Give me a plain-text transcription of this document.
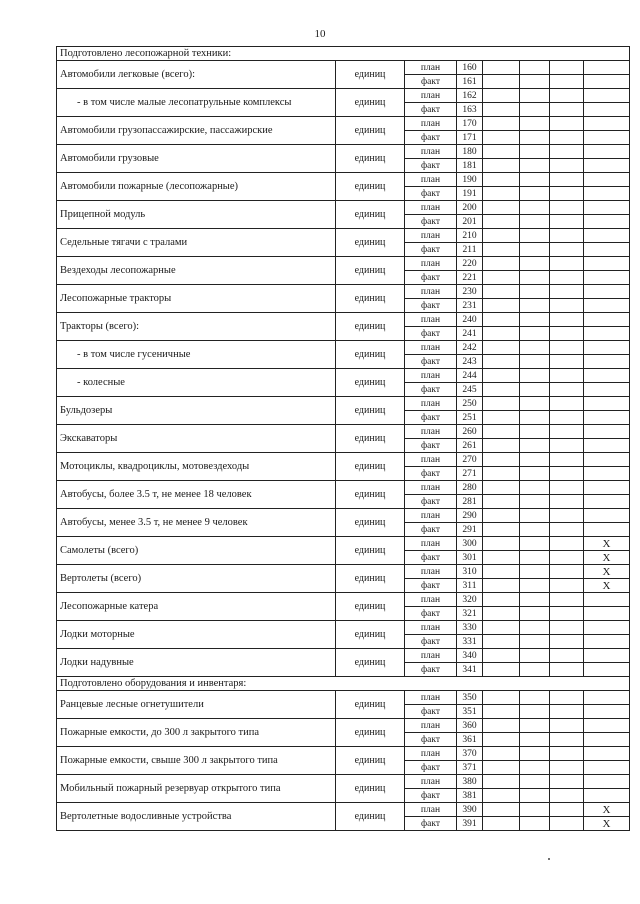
10
Подготовлено лесопожарной техники:							
Автомобили легковые (всего):	единиц	план	160				
		факт	161				
- в том числе малые лесопатрульные комплексы	единиц	план	162				
		факт	163				
Автомобили грузопассажирские, пассажирские	единиц	план	170				
		факт	171				
Автомобили грузовые	единиц	план	180				
		факт	181				
Автомобили пожарные (лесопожарные)	единиц	план	190				
		факт	191				
Прицепной модуль	единиц	план	200				
		факт	201				
Седельные тягачи с тралами	единиц	план	210				
		факт	211				
Вездеходы лесопожарные	единиц	план	220				
		факт	221				
Лесопожарные тракторы	единиц	план	230				
		факт	231				
Тракторы (всего):	единиц	план	240				
		факт	241				
- в том числе гусеничные	единиц	план	242				
		факт	243				
- колесные	единиц	план	244				
		факт	245				
Бульдозеры	единиц	план	250				
		факт	251				
Экскаваторы	единиц	план	260				
		факт	261				
Мотоциклы, квадроциклы, мотовездеходы	единиц	план	270				
		факт	271				
Автобусы, более 3.5 т, не менее 18 человек	единиц	план	280				
		факт	281				
Автобусы, менее 3.5 т, не менее 9 человек	единиц	план	290				
		факт	291				
Самолеты (всего)	единиц	план	300				X
		факт	301				X
Вертолеты (всего)	единиц	план	310				X
		факт	311				X
Лесопожарные катера	единиц	план	320				
		факт	321				
Лодки моторные	единиц	план	330				
		факт	331				
Лодки надувные	единиц	план	340				
		факт	341				
Подготовлено оборудования и инвентаря:							
Ранцевые лесные огнетушители	единиц	план	350				
		факт	351				
Пожарные емкости, до 300 л закрытого типа	единиц	план	360				
		факт	361				
Пожарные емкости, свыше 300 л закрытого типа	единиц	план	370				
		факт	371				
Мобильный пожарный резервуар открытого типа	единиц	план	380				
		факт	381				
Вертолетные водосливные устройства	единиц	план	390				X
		факт	391				X
